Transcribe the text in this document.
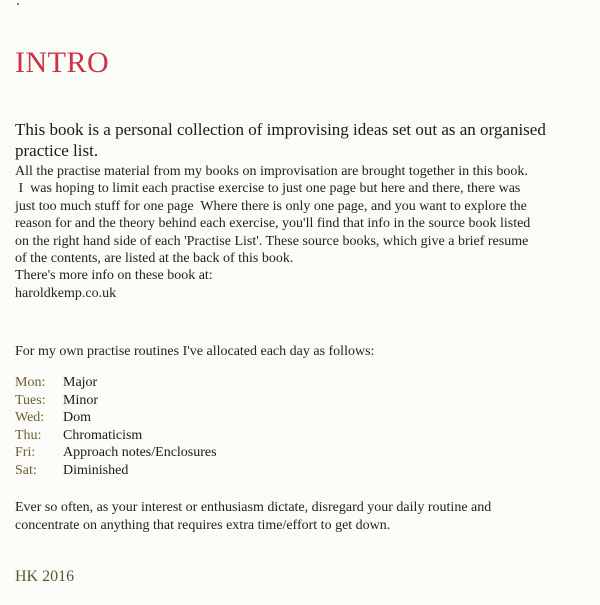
INTRO
This book is a personal collection of improvising ideas set out as an organised practice list.

All the practise material from my books on improvisation are brought together in this book.

I  was hoping to limit each practise exercise to just one page but here and there, there was

just too much stuff for one page  Where there is only one page, and you want to explore the

reason for and the theory behind each exercise, you'll find that info in the source book listed

on the right hand side of each 'Practise List'. These source books, which give a brief resume

of the contents, are listed at the back of this book.

There's more info on these book at:

haroldkemp.co.uk

For my own practise routines I've allocated each day as follows:
Mon:	Major
Tues:	Minor
Wed:	Dom
Thu:	Chromaticism
Fri:	Approach notes/Enclosures
Sat:	Diminished

Ever so often, as your interest or enthusiasm dictate, disregard your daily routine and

concentrate on anything that requires extra time/effort to get down.

HK 2016
